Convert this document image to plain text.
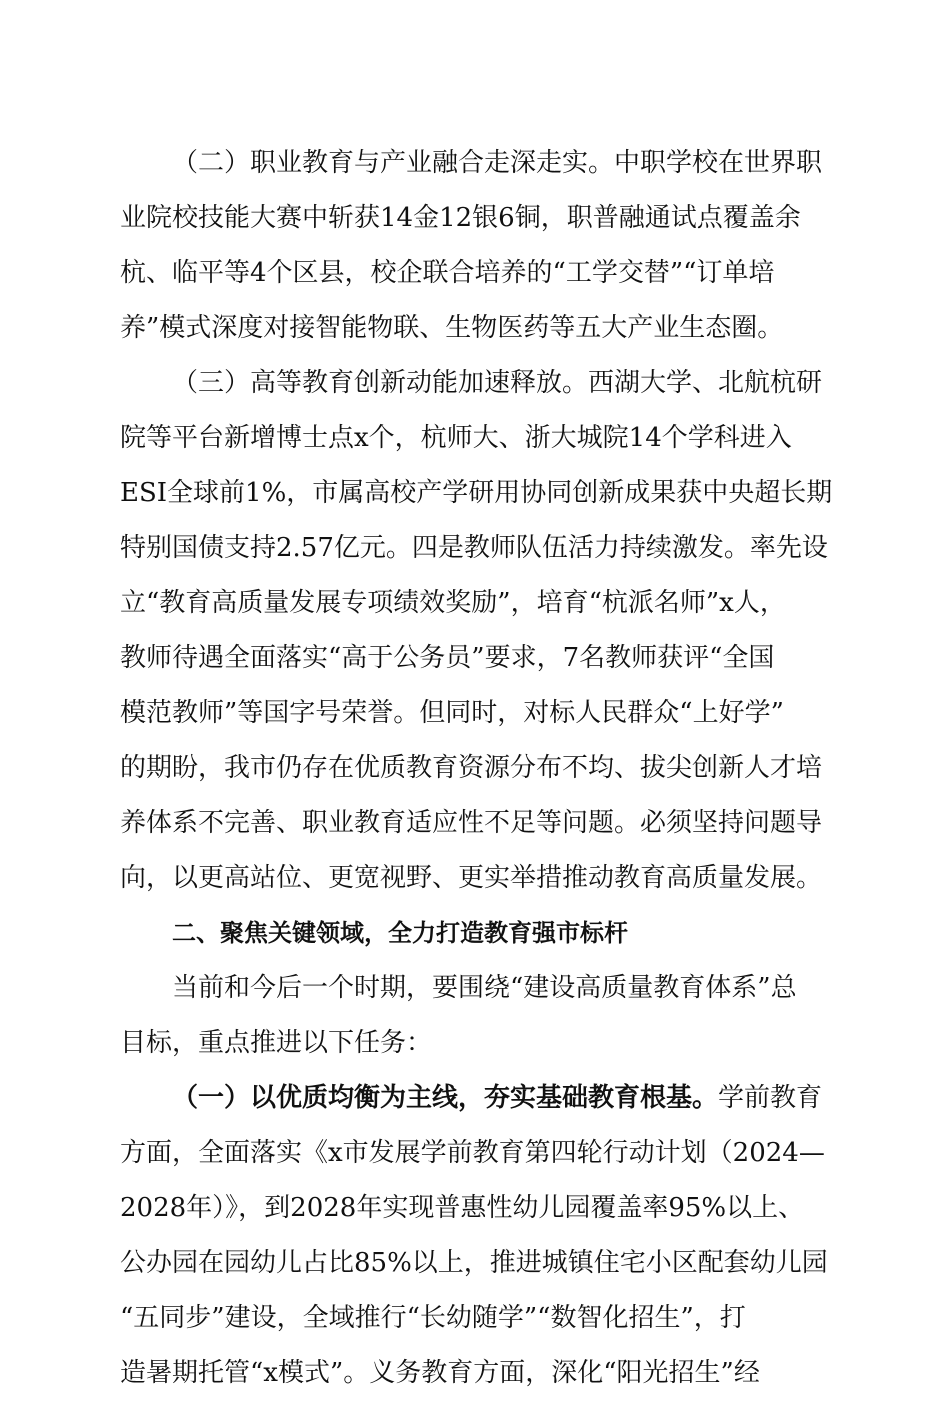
（二）职业教育与产业融合走深走实。中职学校在世界职
业院校技能大赛中斩获14金12银6铜，职普融通试点覆盖余
杭、临平等4个区县，校企联合培养的“工学交替”“订单培
养”模式深度对接智能物联、生物医药等五大产业生态圈。
（三）高等教育创新动能加速释放。西湖大学、北航杭研
院等平台新增博士点x个，杭师大、浙大城院14个学科进入
ESI全球前1%，市属高校产学研用协同创新成果获中央超长期
特别国债支持2.57亿元。四是教师队伍活力持续激发。率先设
立“教育高质量发展专项绩效奖励”，培育“杭派名师”x人，
教师待遇全面落实“高于公务员”要求，7名教师获评“全国
模范教师”等国字号荣誉。但同时，对标人民群众“上好学”
的期盼，我市仍存在优质教育资源分布不均、拔尖创新人才培
养体系不完善、职业教育适应性不足等问题。必须坚持问题导
向，以更高站位、更宽视野、更实举措推动教育高质量发展。
二、聚焦关键领域，全力打造教育强市标杆
当前和今后一个时期，要围绕“建设高质量教育体系”总
目标，重点推进以下任务：
（一）以优质均衡为主线，夯实基础教育根基。学前教育
方面，全面落实《x市发展学前教育第四轮行动计划（2024—
2028年）》，到2028年实现普惠性幼儿园覆盖率95%以上、
公办园在园幼儿占比85%以上，推进城镇住宅小区配套幼儿园
“五同步”建设，全域推行“长幼随学”“数智化招生”，打
造暑期托管“x模式”。义务教育方面，深化“阳光招生”经
